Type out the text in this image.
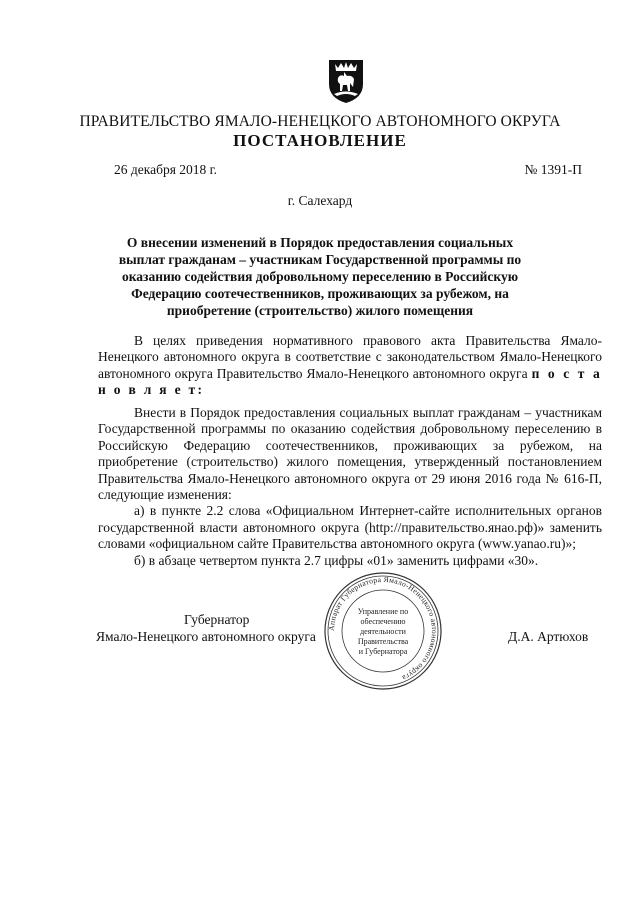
ПРАВИТЕЛЬСТВО ЯМАЛО-НЕНЕЦКОГО АВТОНОМНОГО ОКРУГА
ПОСТАНОВЛЕНИЕ
26 декабря 2018 г.	№ 1391-П
г. Салехард
О внесении изменений в Порядок предоставления социальных выплат гражданам – участникам Государственной программы по оказанию содействия добровольному переселению в Российскую Федерацию соотечественников, проживающих за рубежом, на приобретение (строительство) жилого помещения

В целях приведения нормативного правового акта Правительства Ямало-Ненецкого автономного округа в соответствие с законодательством Ямало-Ненецкого автономного округа Правительство Ямало-Ненецкого автономного округа п о с т а н о в л я е т:

Внести в Порядок предоставления социальных выплат гражданам – участникам Государственной программы по оказанию содействия добровольному переселению в Российскую Федерацию соотечественников, проживающих за рубежом, на приобретение (строительство) жилого помещения, утвержденный постановлением Правительства Ямало-Ненецкого автономного округа от 29 июня 2016 года № 616-П, следующие изменения:

а) в пункте 2.2 слова «Официальном Интернет-сайте исполнительных органов государственной власти автономного округа (http://правительство.янао.рф)» заменить словами «официальном сайте Правительства автономного округа (www.yanao.ru)»;

б) в абзаце четвертом пункта 2.7 цифры «01» заменить цифрами «30».

Губернатор
Ямало-Ненецкого автономного округа	Д.А. Артюхов
Аппарат Губернатора Ямало-Ненецкого автономного округа
Управление по
обеспечению
деятельности
Правительства
и Губернатора
